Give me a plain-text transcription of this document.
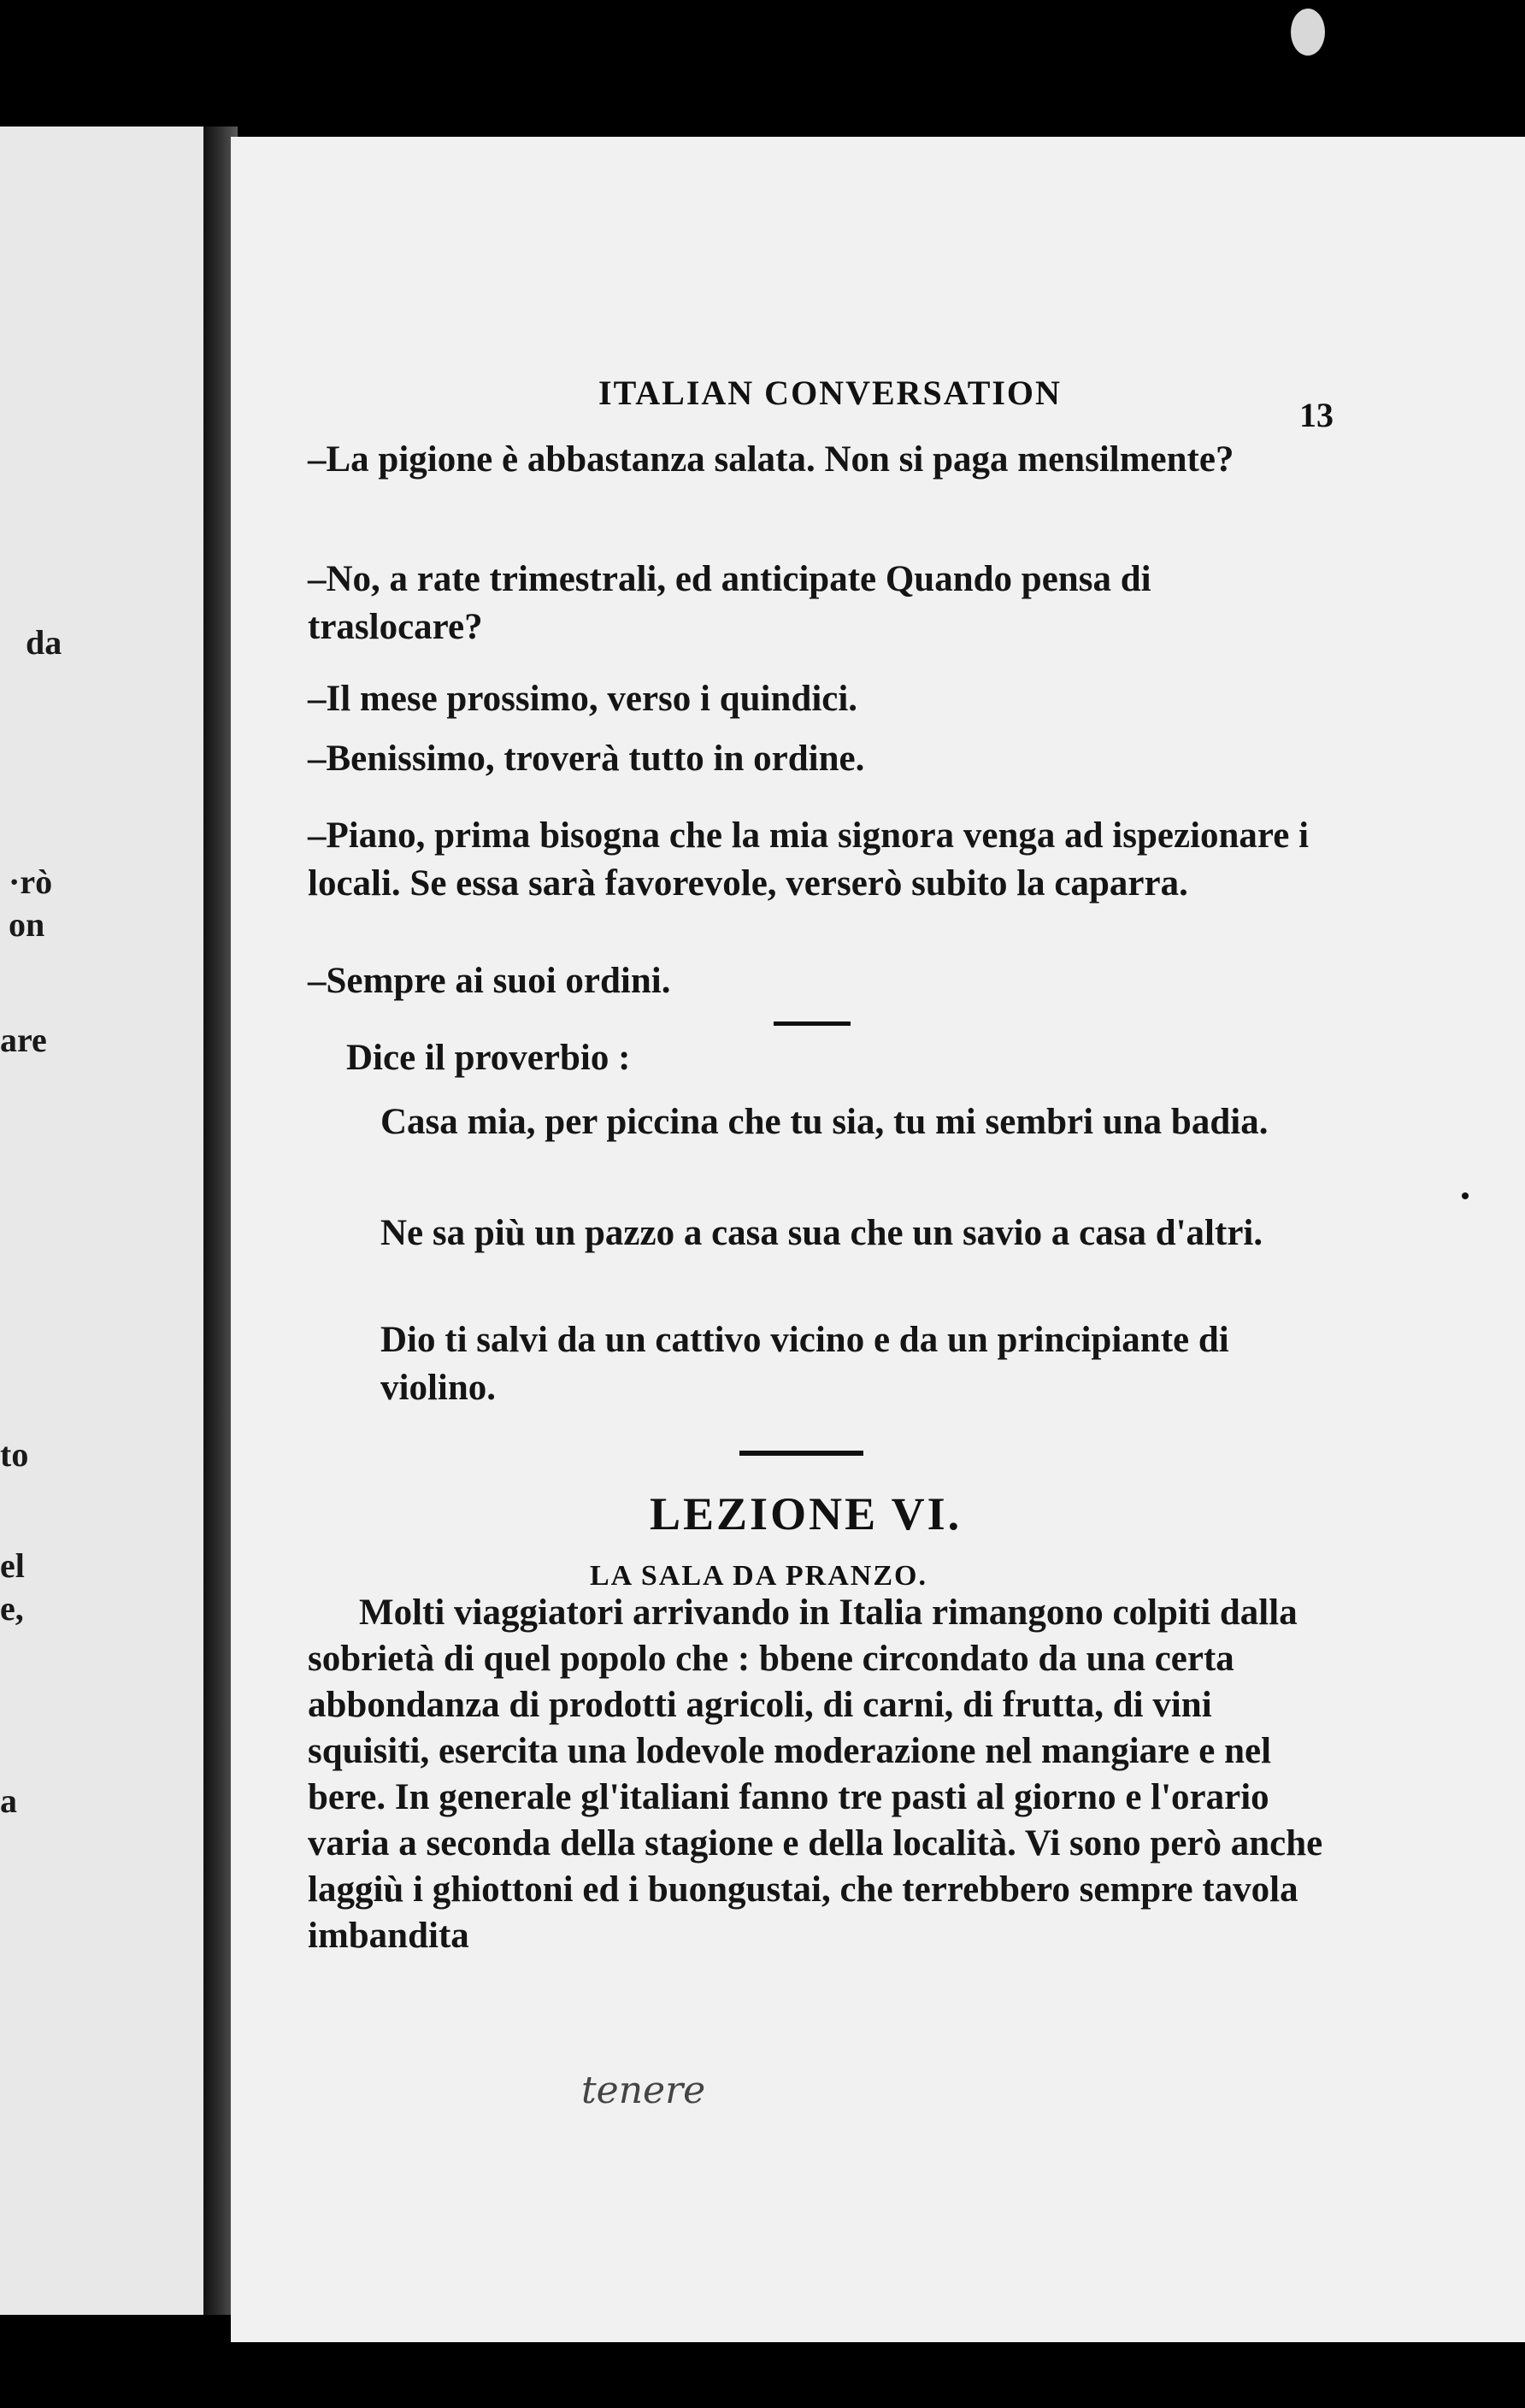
da
·rò
on
are
to
el
e,
a
ITALIAN CONVERSATION
13
–La pigione è abbastanza salata. Non si paga mensilmente?
–No, a rate trimestrali, ed anticipate Quando pensa di traslocare?
–Il mese prossimo, verso i quindici.
–Benissimo, troverà tutto in ordine.
–Piano, prima bisogna che la mia signora venga ad ispezionare i locali. Se essa sarà favorevole, verserò subito la caparra.
–Sempre ai suoi ordini.
Dice il proverbio :
Casa mia, per piccina che tu sia, tu mi sembri una badia.
Ne sa più un pazzo a casa sua che un savio a casa d'altri.
Dio ti salvi da un cattivo vicino e da un principiante di violino.
Molti viaggiatori arrivando in Italia rimangono colpiti dalla sobrietà di quel popolo che : bbene circondato da una certa abbondanza di prodotti agricoli, di carni, di frutta, di vini squisiti, esercita una lodevole moderazione nel mangiare e nel bere. In generale gl'italiani fanno tre pasti al giorno e l'orario varia a seconda della stagione e della località. Vi sono però anche laggiù i ghiottoni ed i buongustai, che terrebbero sempre tavola imbandita
LEZIONE VI.
LA SALA DA PRANZO.
tenere
